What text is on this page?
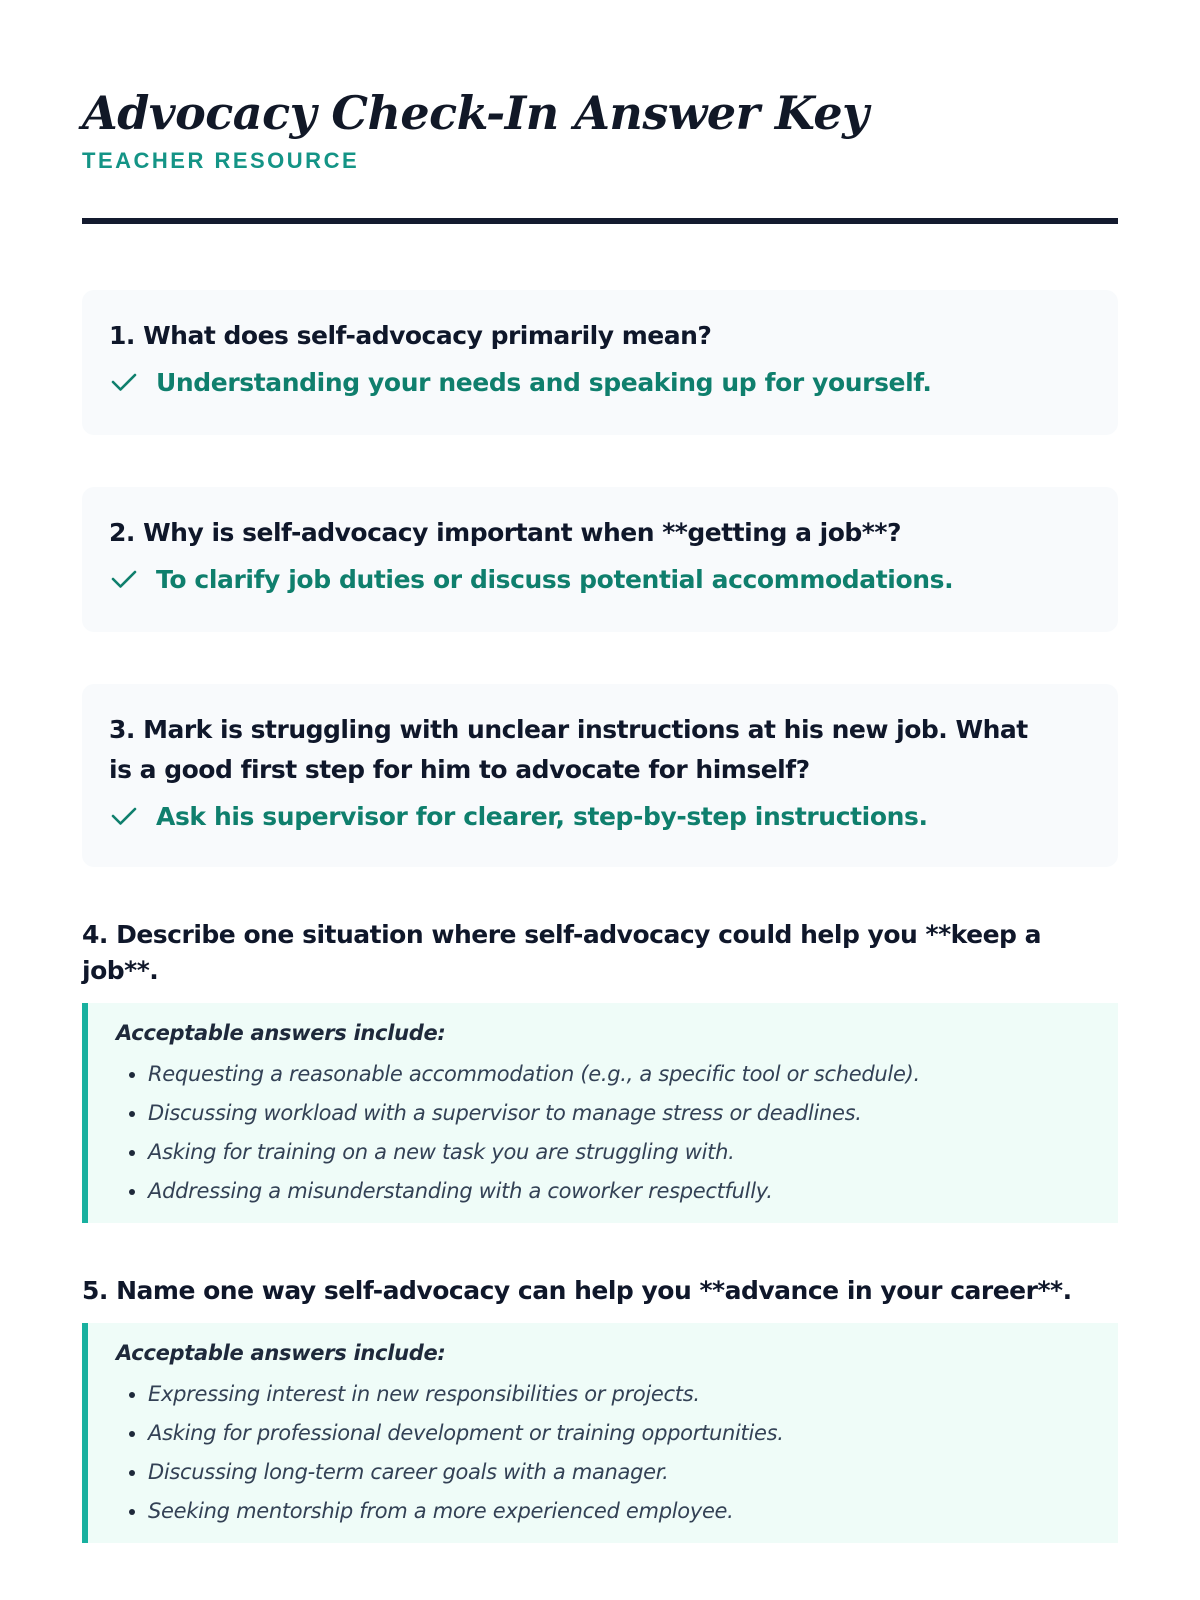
Advocacy Check-In Answer Key
TEACHER RESOURCE
1. What does self-advocacy primarily mean?
Understanding your needs and speaking up for yourself.
2. Why is self-advocacy important when **getting a job**?
To clarify job duties or discuss potential accommodations.
3. Mark is struggling with unclear instructions at his new job. What is a good first step for him to advocate for himself?
Ask his supervisor for clearer, step-by-step instructions.
4. Describe one situation where self-advocacy could help you **keep a job**.
Acceptable answers include:
• Requesting a reasonable accommodation (e.g., a specific tool or schedule).
• Discussing workload with a supervisor to manage stress or deadlines.
• Asking for training on a new task you are struggling with.
• Addressing a misunderstanding with a coworker respectfully.
5. Name one way self-advocacy can help you **advance in your career**.
Acceptable answers include:
• Expressing interest in new responsibilities or projects.
• Asking for professional development or training opportunities.
• Discussing long-term career goals with a manager.
• Seeking mentorship from a more experienced employee.
